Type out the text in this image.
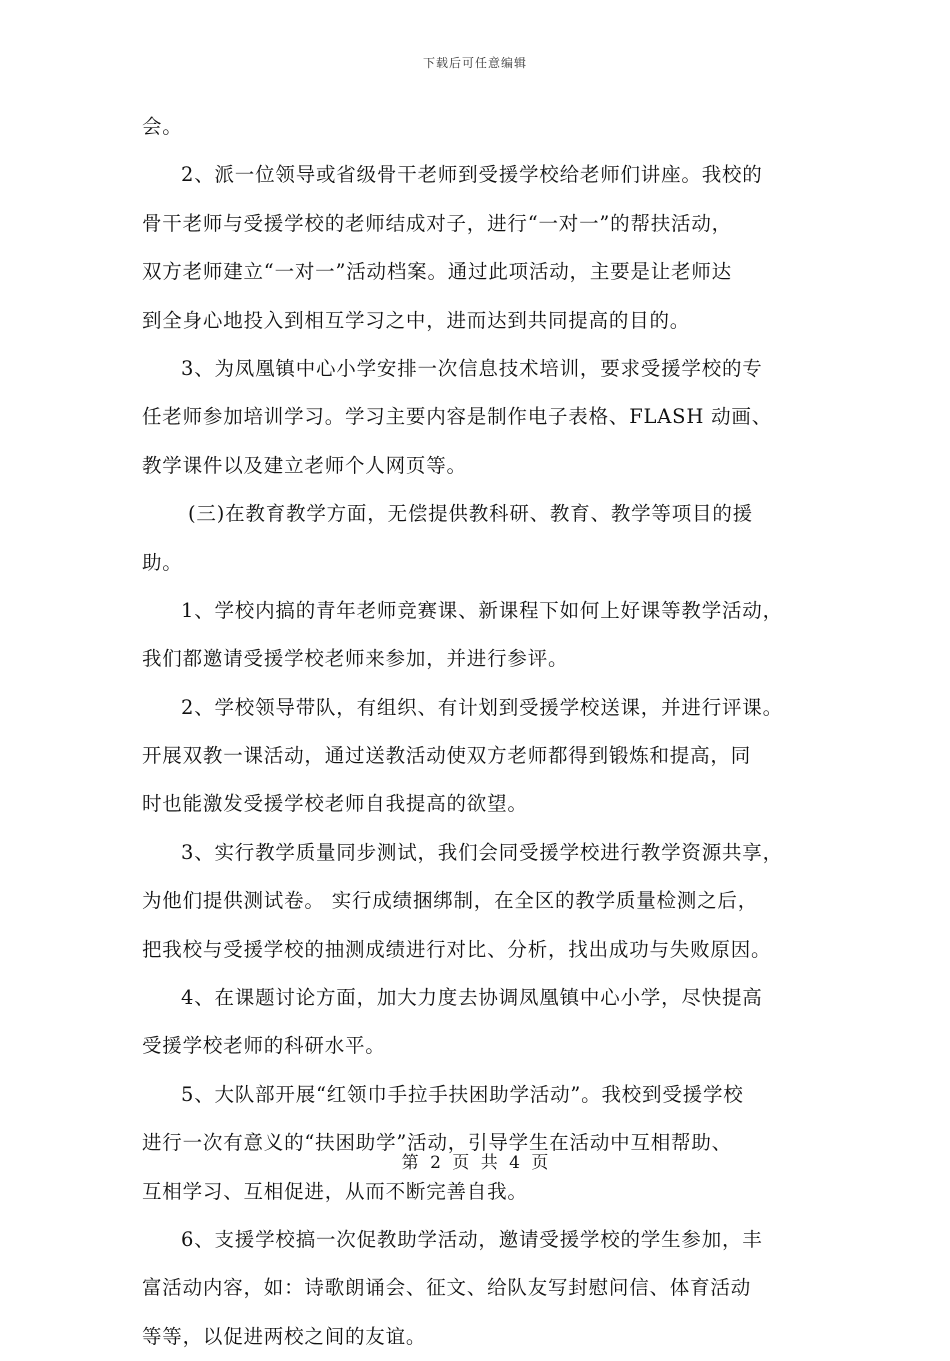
下载后可任意编辑
会。
2、派一位领导或省级骨干老师到受援学校给老师们讲座。我校的
骨干老师与受援学校的老师结成对子，进行“一对一”的帮扶活动，
双方老师建立“一对一”活动档案。通过此项活动，主要是让老师达
到全身心地投入到相互学习之中，进而达到共同提高的目的。
3、为凤凰镇中心小学安排一次信息技术培训，要求受援学校的专
任老师参加培训学习。学习主要内容是制作电子表格、FLASH 动画、
教学课件以及建立老师个人网页等。
(三)在教育教学方面，无偿提供教科研、教育、教学等项目的援
助。
1、学校内搞的青年老师竞赛课、新课程下如何上好课等教学活动，
我们都邀请受援学校老师来参加，并进行参评。
2、学校领导带队，有组织、有计划到受援学校送课，并进行评课。
开展双教一课活动，通过送教活动使双方老师都得到锻炼和提高，同
时也能激发受援学校老师自我提高的欲望。
3、实行教学质量同步测试，我们会同受援学校进行教学资源共享，
为他们提供测试卷。 实行成绩捆绑制，在全区的教学质量检测之后，
把我校与受援学校的抽测成绩进行对比、分析，找出成功与失败原因。
4、在课题讨论方面，加大力度去协调凤凰镇中心小学，尽快提高
受援学校老师的科研水平。
5、大队部开展“红领巾手拉手扶困助学活动”。我校到受援学校
进行一次有意义的“扶困助学”活动，引导学生在活动中互相帮助、
互相学习、互相促进，从而不断完善自我。
6、支援学校搞一次促教助学活动，邀请受援学校的学生参加，丰
富活动内容，如：诗歌朗诵会、征文、给队友写封慰问信、体育活动
等等，以促进两校之间的友谊。
第 2 页 共 4 页
